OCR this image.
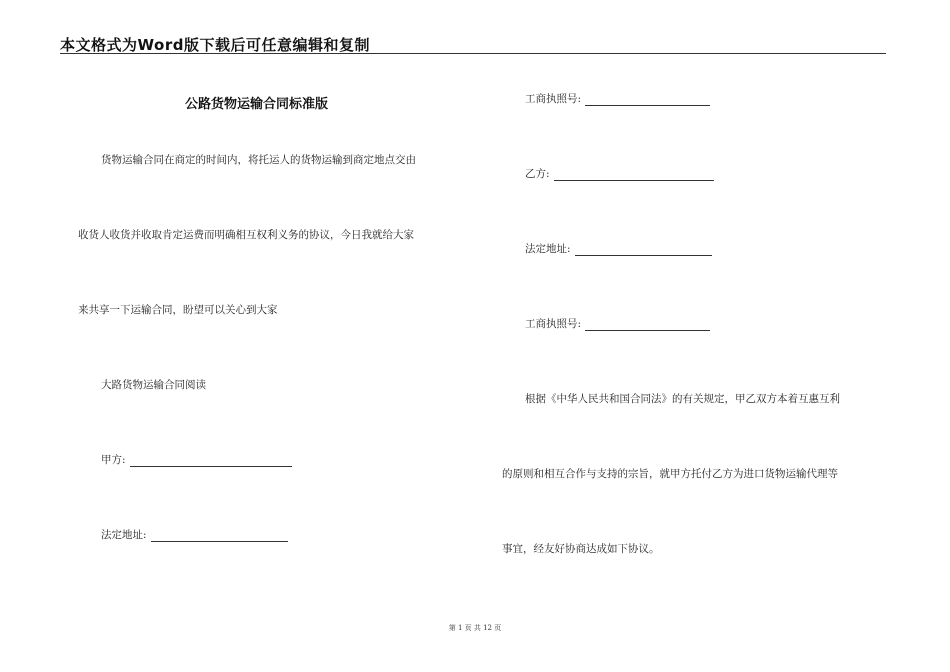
本文格式为Word版下载后可任意编辑和复制
公路货物运输合同标准版
货物运输合同在商定的时间内，将托运人的货物运输到商定地点交由
收货人收货并收取肯定运费而明确相互权利义务的协议，今日我就给大家
来共享一下运输合同，盼望可以关心到大家
大路货物运输合同阅读
甲方:
法定地址:
工商执照号:
乙方:
法定地址:
工商执照号:
根据《中华人民共和国合同法》的有关规定，甲乙双方本着互惠互利
的原则和相互合作与支持的宗旨，就甲方托付乙方为进口货物运输代理等
事宜，经友好协商达成如下协议。
第 1 页 共 12 页
